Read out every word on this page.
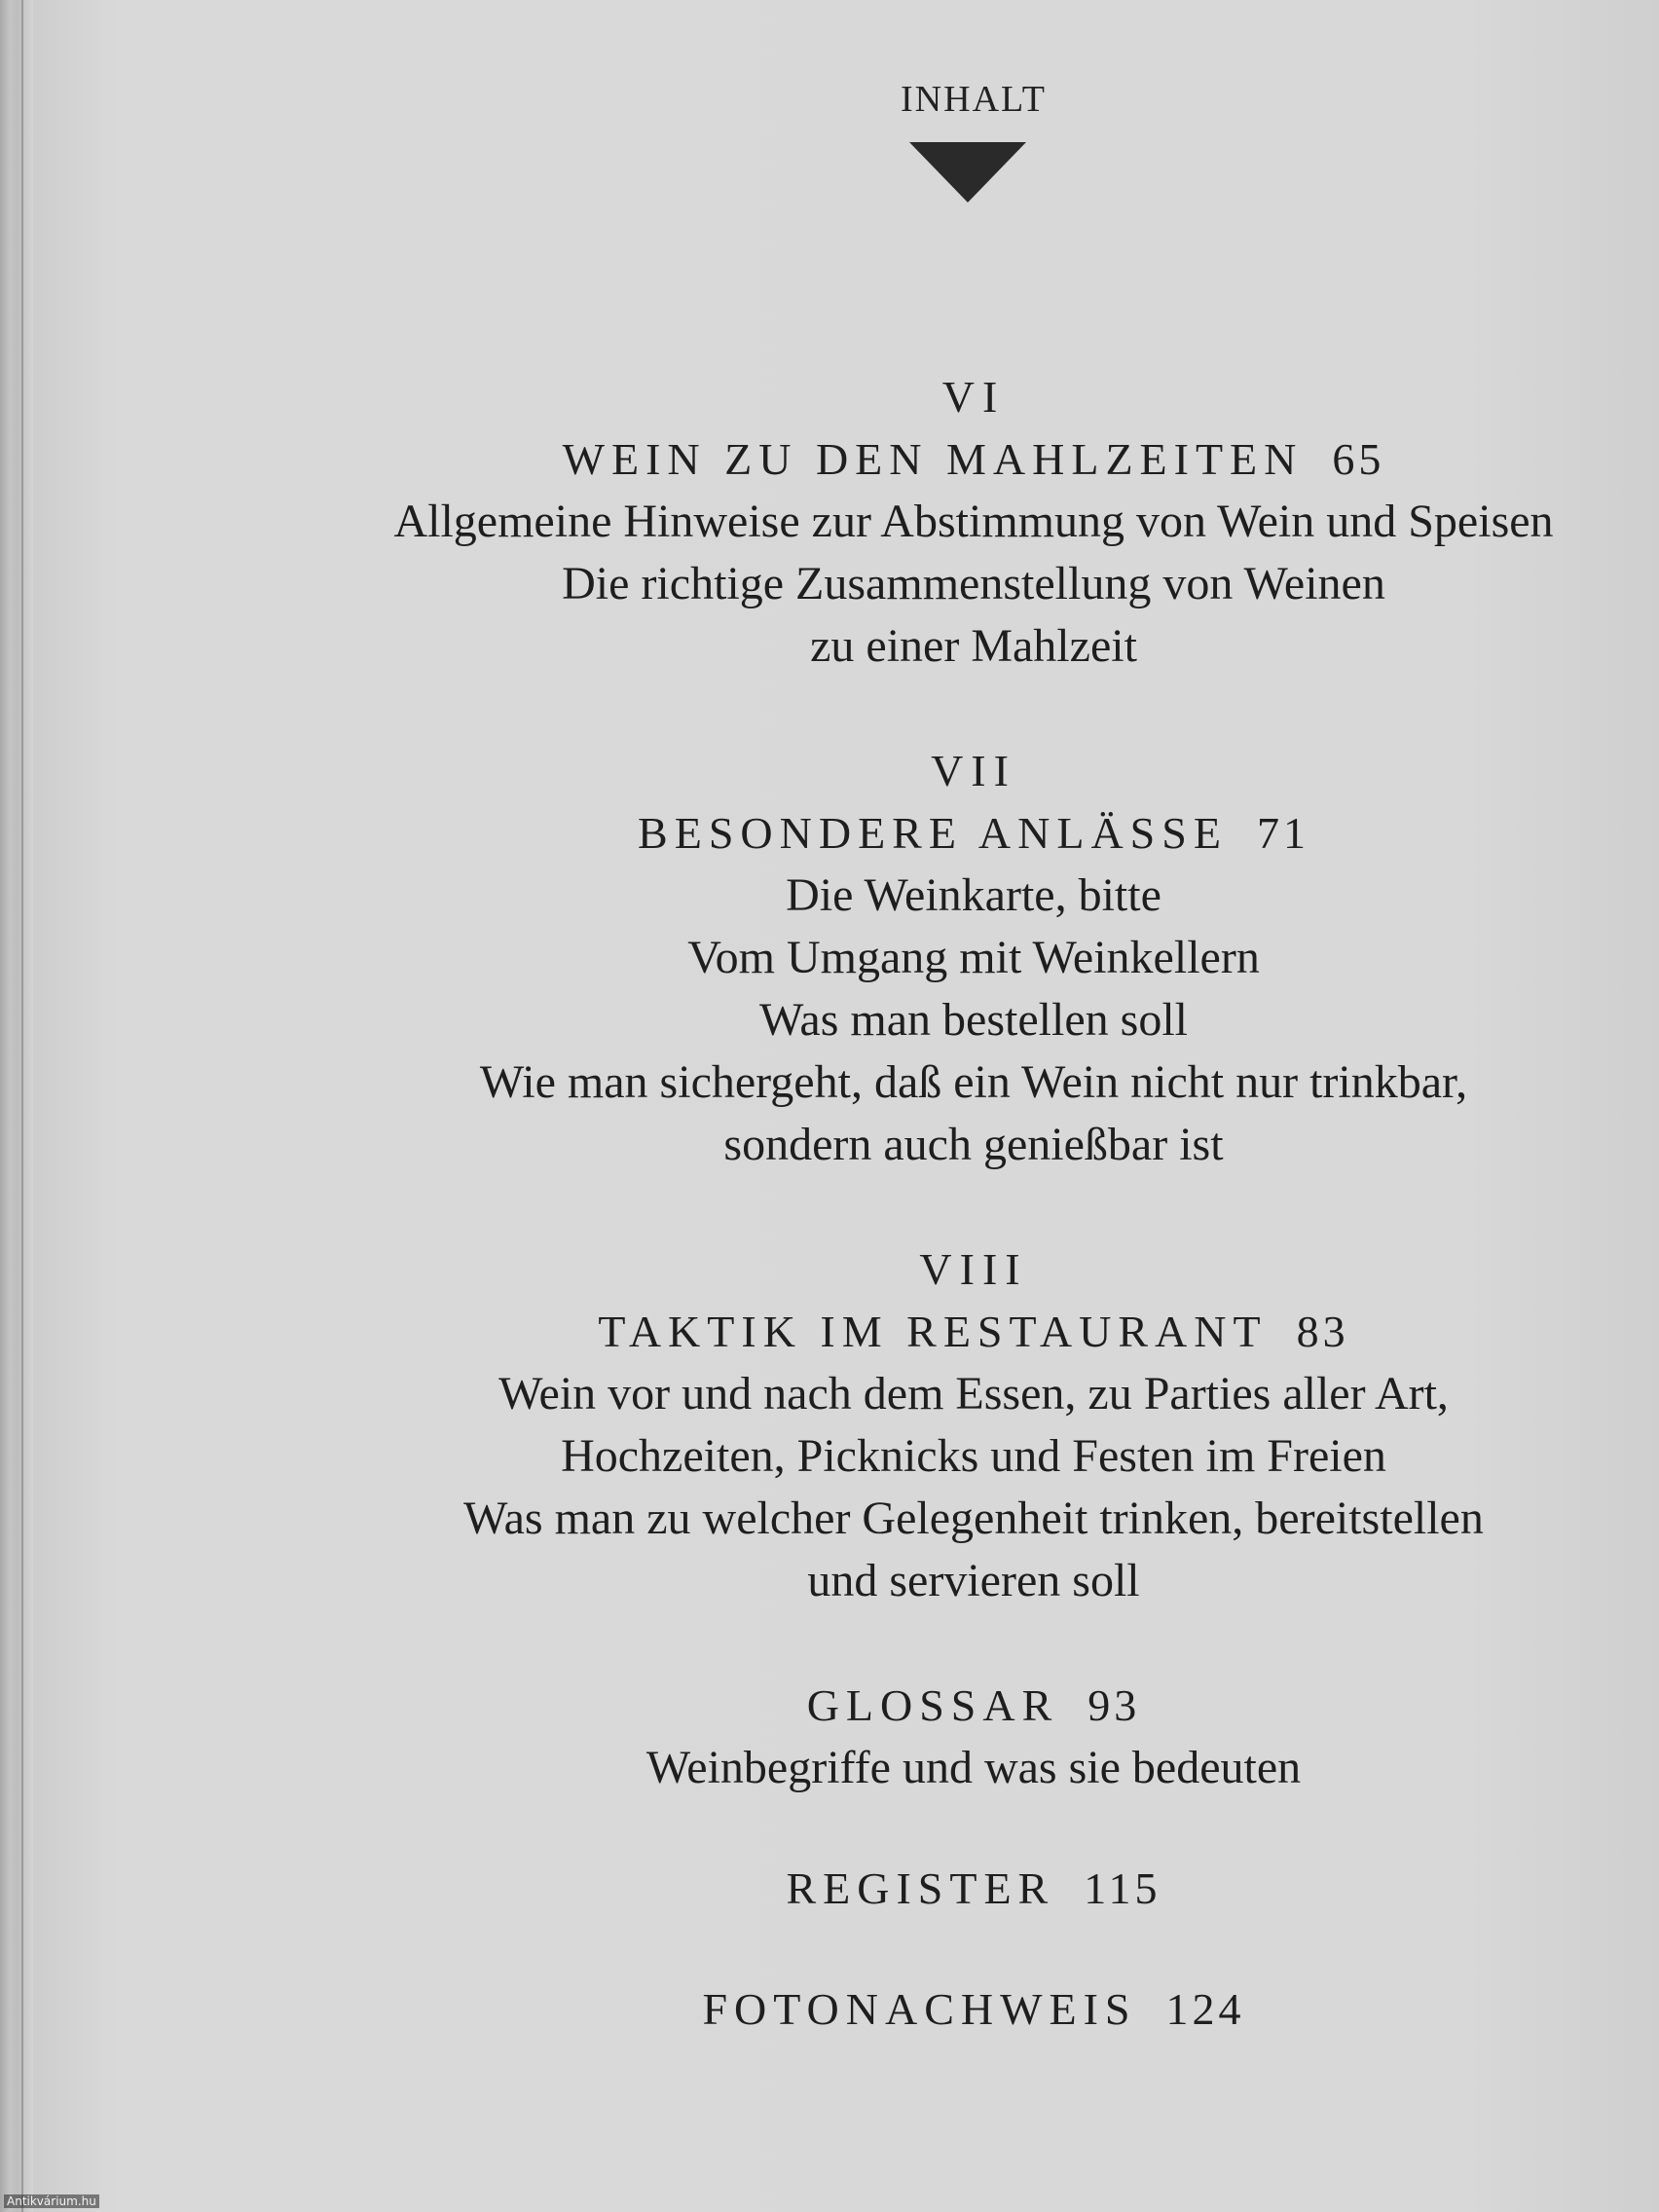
INHALT
VI
WEIN ZU DEN MAHLZEITEN 65
Allgemeine Hinweise zur Abstimmung von Wein und Speisen
Die richtige Zusammenstellung von Weinen
zu einer Mahlzeit
VII
BESONDERE ANLÄSSE 71
Die Weinkarte, bitte
Vom Umgang mit Weinkellern
Was man bestellen soll
Wie man sichergeht, daß ein Wein nicht nur trinkbar,
sondern auch genießbar ist
VIII
TAKTIK IM RESTAURANT 83
Wein vor und nach dem Essen, zu Parties aller Art,
Hochzeiten, Picknicks und Festen im Freien
Was man zu welcher Gelegenheit trinken, bereitstellen
und servieren soll
GLOSSAR 93
Weinbegriffe und was sie bedeuten
REGISTER 115
FOTONACHWEIS 124
Antikvárium.hu
